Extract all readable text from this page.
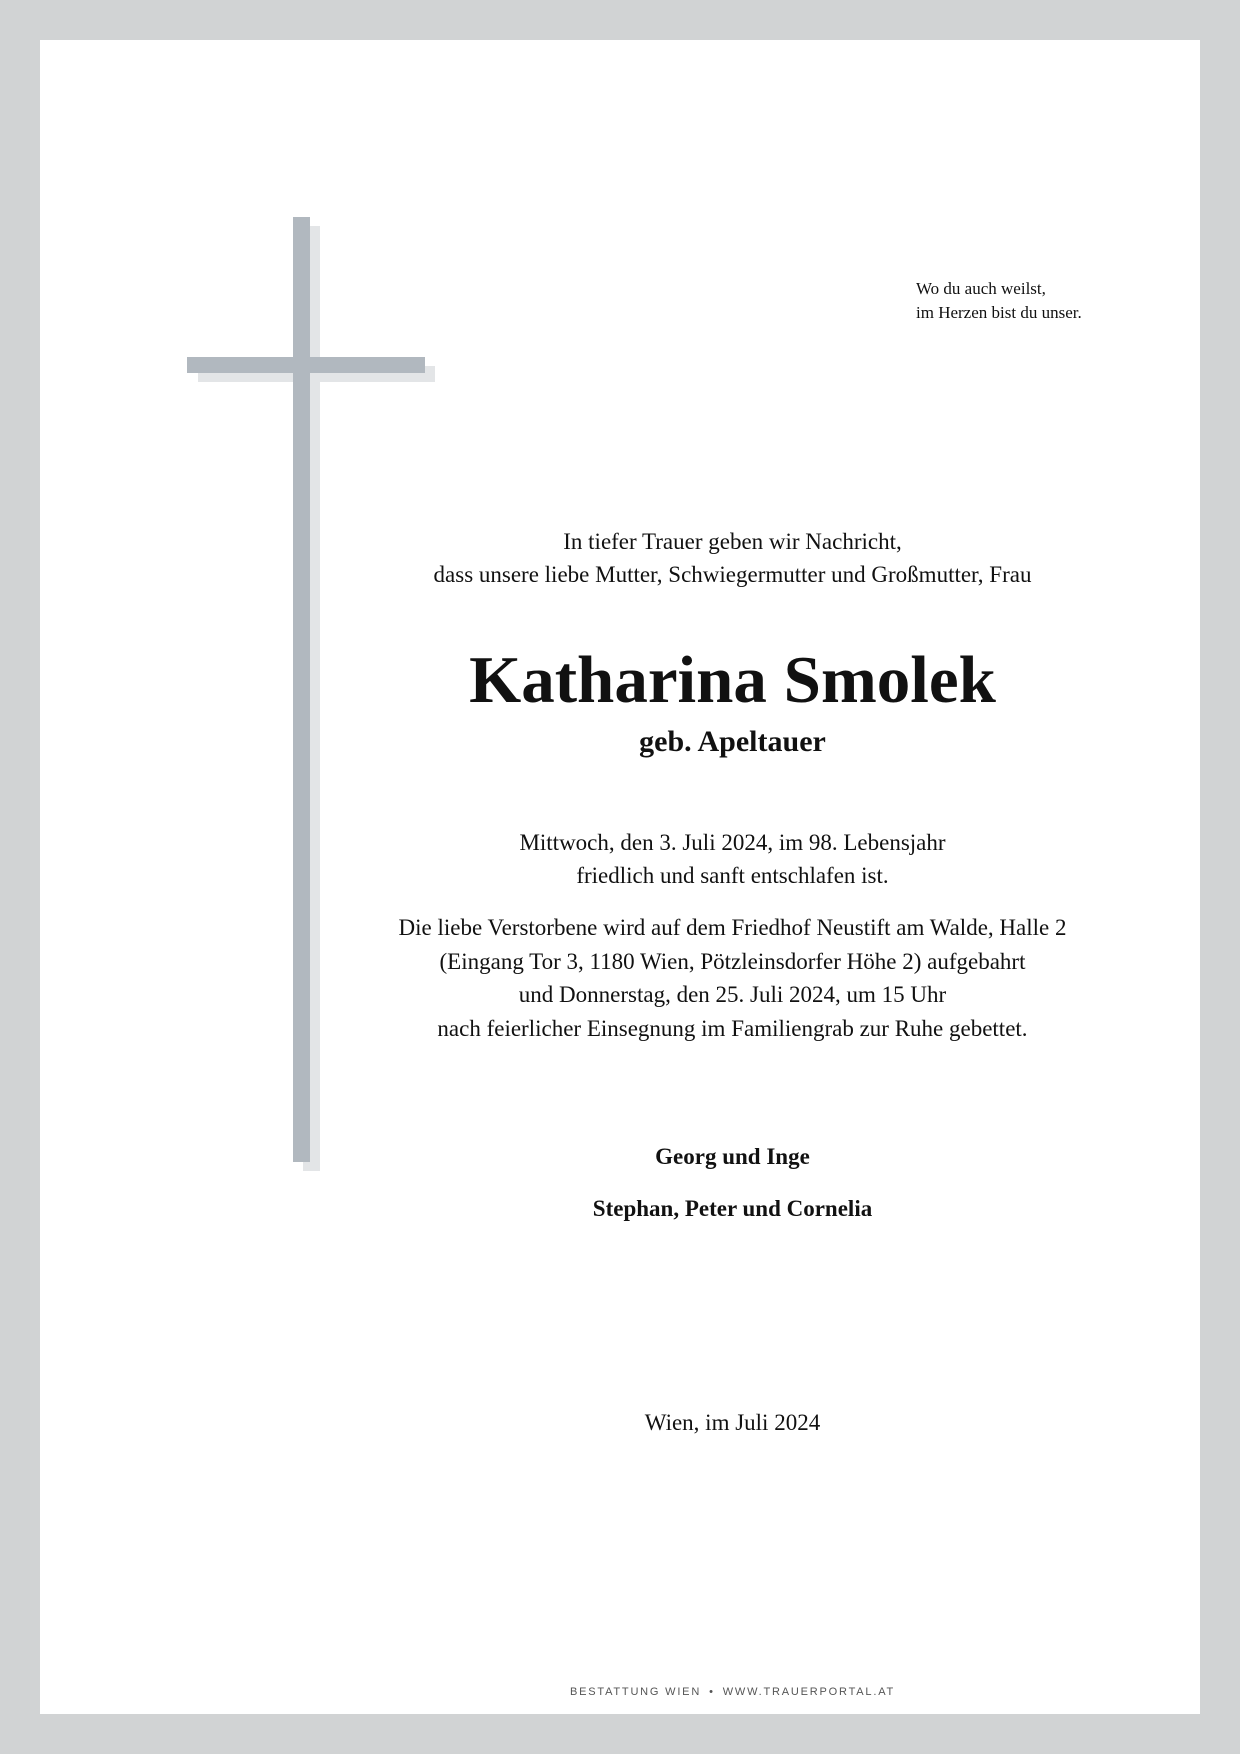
Wo du auch weilst,
im Herzen bist du unser.
In tiefer Trauer geben wir Nachricht,
dass unsere liebe Mutter, Schwiegermutter und Großmutter, Frau
Katharina Smolek
geb. Apeltauer
Mittwoch, den 3. Juli 2024, im 98. Lebensjahr
friedlich und sanft entschlafen ist.
Die liebe Verstorbene wird auf dem Friedhof Neustift am Walde, Halle 2
(Eingang Tor 3, 1180 Wien, Pötzleinsdorfer Höhe 2) aufgebahrt
und Donnerstag, den 25. Juli 2024, um 15 Uhr
nach feierlicher Einsegnung im Familiengrab zur Ruhe gebettet.
Georg und Inge
Stephan, Peter und Cornelia
Wien, im Juli 2024
BESTATTUNG WIEN • WWW.TRAUERPORTAL.AT
